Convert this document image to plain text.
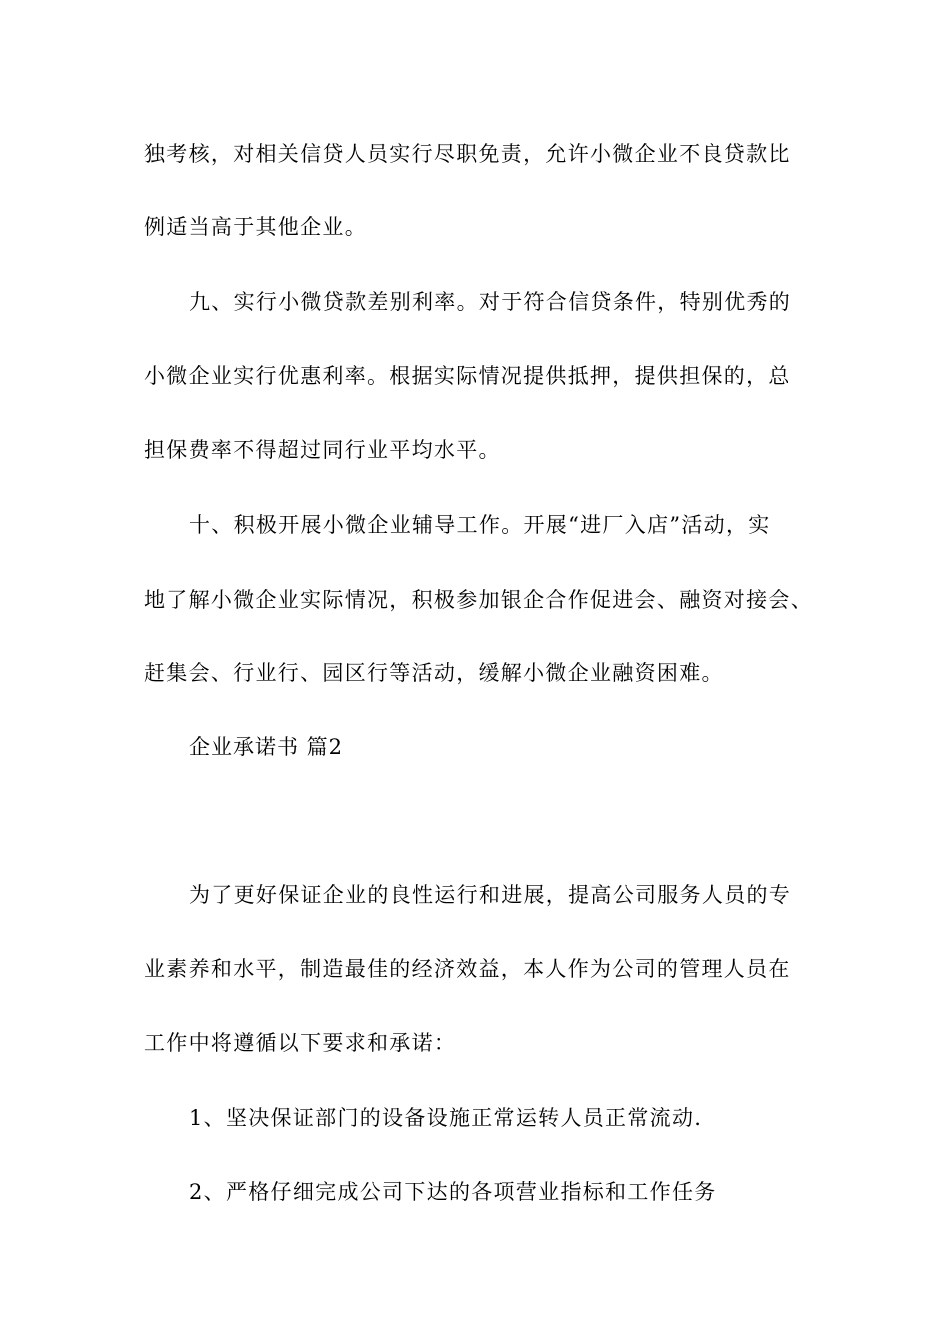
独考核，对相关信贷人员实行尽职免责，允许小微企业不良贷款比
例适当高于其他企业。
九、实行小微贷款差别利率。对于符合信贷条件，特别优秀的
小微企业实行优惠利率。根据实际情况提供抵押，提供担保的，总
担保费率不得超过同行业平均水平。
十、积极开展小微企业辅导工作。开展“进厂入店”活动，实
地了解小微企业实际情况，积极参加银企合作促进会、融资对接会、
赶集会、行业行、园区行等活动，缓解小微企业融资困难。
企业承诺书 篇2
为了更好保证企业的良性运行和进展，提高公司服务人员的专
业素养和水平，制造最佳的经济效益，本人作为公司的管理人员在
工作中将遵循以下要求和承诺：
1、坚决保证部门的设备设施正常运转人员正常流动.
2、严格仔细完成公司下达的各项营业指标和工作任务
